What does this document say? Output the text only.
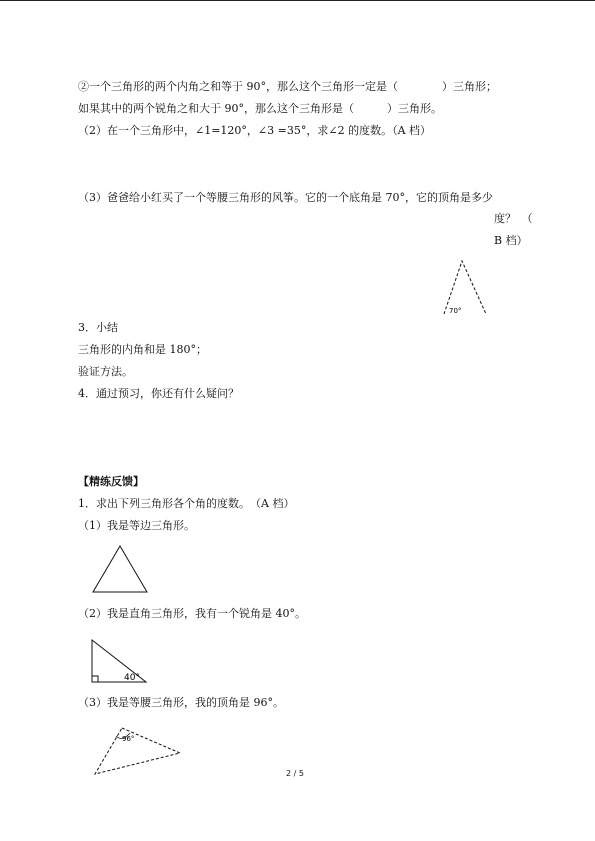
②一个三角形的两个内角之和等于 90°，那么这个三角形一定是（　　　　）三角形；
如果其中的两个锐角之和大于 90°，那么这个三角形是（　　　）三角形。
（2）在一个三角形中，∠1=120°，∠3 =35°，求∠2 的度数。（A 档）
（3）爸爸给小红买了一个等腰三角形的风筝。它的一个底角是 70°，它的顶角是多少
度？　（
B 档）
70°
3．小结
三角形的内角和是 180°；
验证方法。
4．通过预习，你还有什么疑问？
【精练反馈】
1．求出下列三角形各个角的度数。　（A 档）
（1）我是等边三角形。
（2）我是直角三角形，我有一个锐角是 40°。
40°
（3）我是等腰三角形，我的顶角是 96°。
96°
2 / 5
